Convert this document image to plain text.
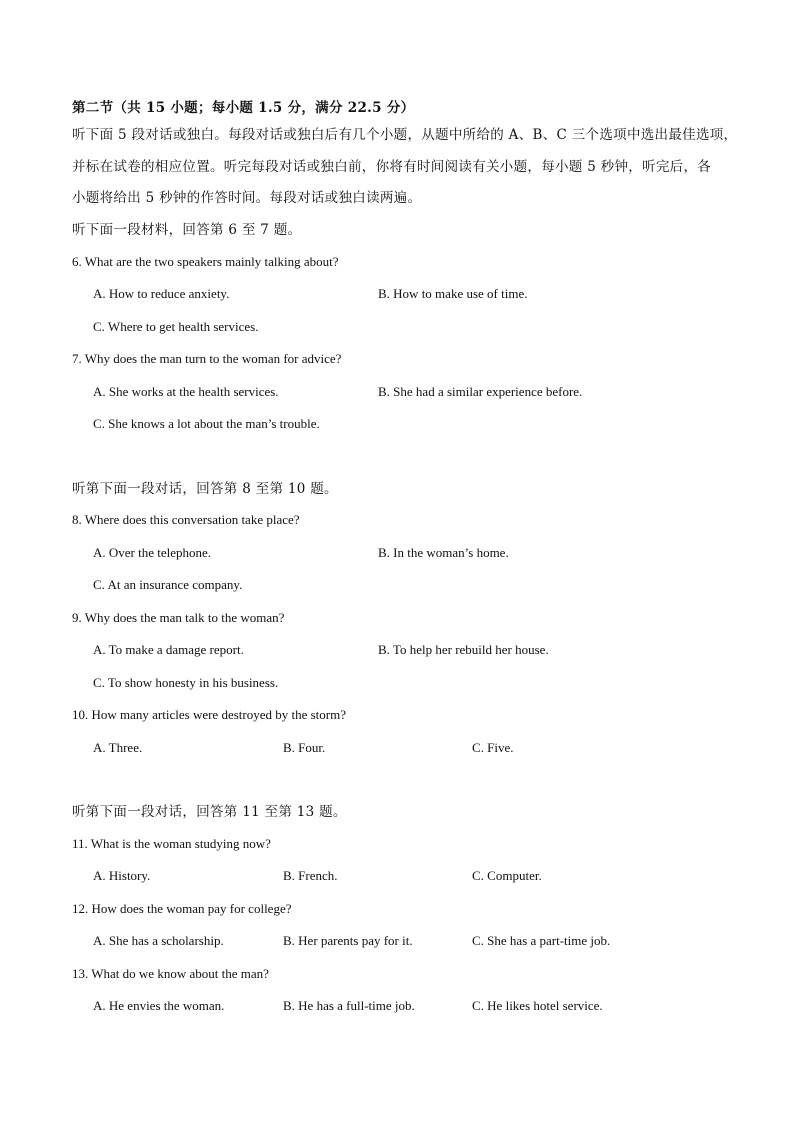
第二节（共 15 小题；每小题 1.5 分，满分 22.5 分）
听下面 5 段对话或独白。每段对话或独白后有几个小题，从题中所给的 A、B、C 三个选项中选出最佳选项，
并标在试卷的相应位置。听完每段对话或独白前，你将有时间阅读有关小题，每小题 5 秒钟，听完后，各
小题将给出 5 秒钟的作答时间。每段对话或独白读两遍。
听下面一段材料，回答第 6 至 7 题。
6. What are the two speakers mainly talking about?
A. How to reduce anxiety.	B. How to make use of time.
C. Where to get health services.
7. Why does the man turn to the woman for advice?
A. She works at the health services.	B. She had a similar experience before.
C. She knows a lot about the man’s trouble.
听第下面一段对话，回答第 8 至第 10 题。
8. Where does this conversation take place?
A. Over the telephone.	B. In the woman’s home.
C. At an insurance company.
9. Why does the man talk to the woman?
A. To make a damage report.	B. To help her rebuild her house.
C. To show honesty in his business.
10. How many articles were destroyed by the storm?
A. Three.	B. Four.	C. Five.
听第下面一段对话，回答第 11 至第 13 题。
11. What is the woman studying now?
A. History.	B. French.	C. Computer.
12. How does the woman pay for college?
A. She has a scholarship.	B. Her parents pay for it.	C. She has a part-time job.
13. What do we know about the man?
A. He envies the woman.	B. He has a full-time job.	C. He likes hotel service.
